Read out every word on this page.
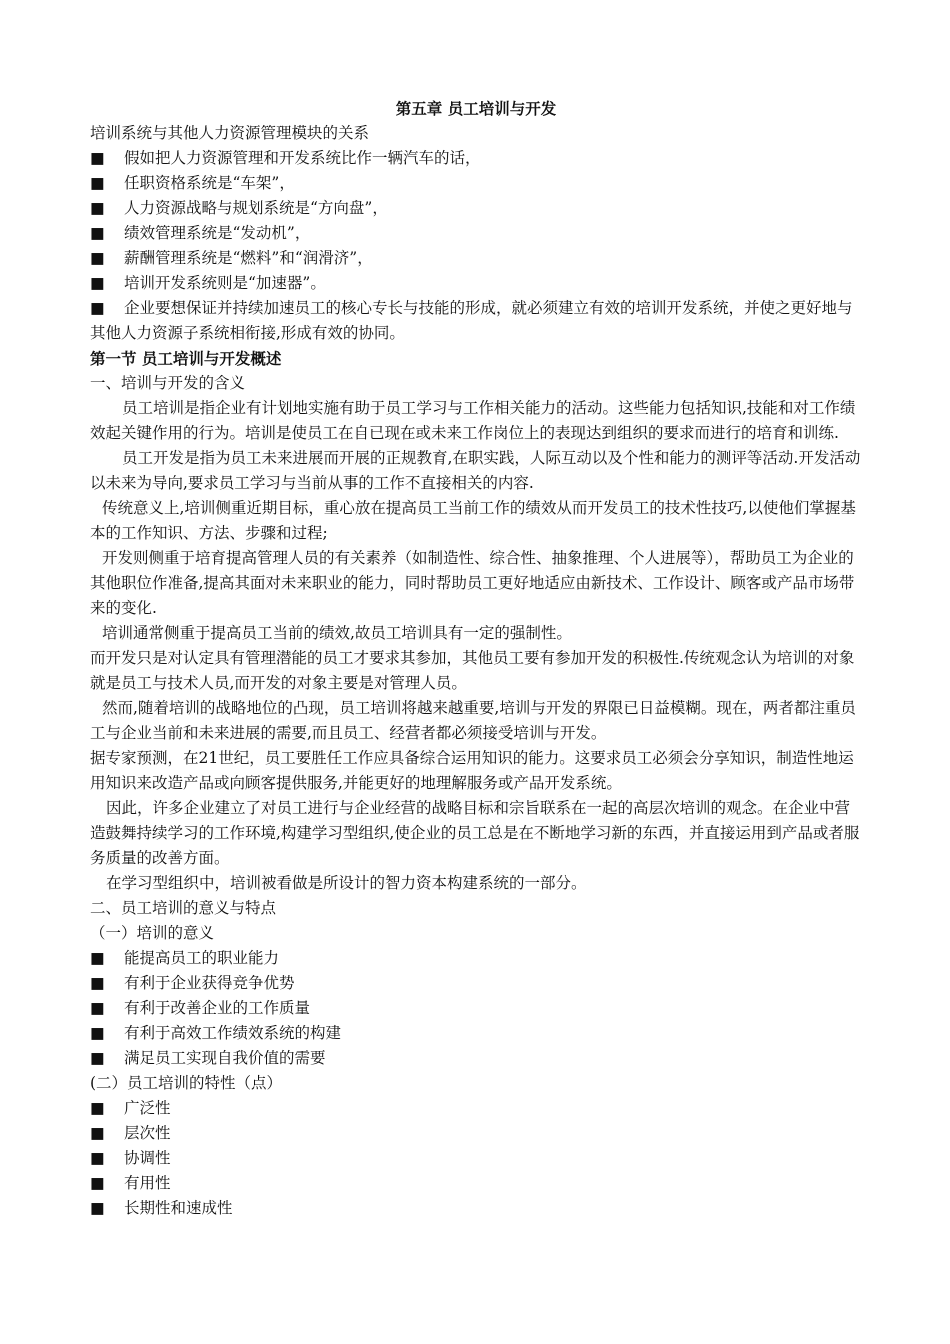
第五章 员工培训与开发

培训系统与其他人力资源管理模块的关系

■	假如把人力资源管理和开发系统比作一辆汽车的话，

■	任职资格系统是“车架”，

■	人力资源战略与规划系统是“方向盘”，

■	绩效管理系统是“发动机”，

■	薪酬管理系统是“燃料”和“润滑济”，

■	培训开发系统则是“加速器”。

■ 企业要想保证并持续加速员工的核心专长与技能的形成，就必须建立有效的培训开发系统，并使之更好地与其他人力资源子系统相衔接,形成有效的协同。

第一节 员工培训与开发概述

一、培训与开发的含义

员工培训是指企业有计划地实施有助于员工学习与工作相关能力的活动。这些能力包括知识,技能和对工作绩效起关键作用的行为。培训是使员工在自已现在或未来工作岗位上的表现达到组织的要求而进行的培育和训练.

员工开发是指为员工未来进展而开展的正规教育,在职实践，人际互动以及个性和能力的测评等活动.开发活动以未来为导向,要求员工学习与当前从事的工作不直接相关的内容.

传统意义上,培训侧重近期目标，重心放在提高员工当前工作的绩效从而开发员工的技术性技巧,以使他们掌握基本的工作知识、方法、步骤和过程;

开发则侧重于培育提高管理人员的有关素养（如制造性、综合性、抽象推理、个人进展等），帮助员工为企业的其他职位作准备,提高其面对未来职业的能力，同时帮助员工更好地适应由新技术、工作设计、顾客或产品市场带来的变化.

培训通常侧重于提高员工当前的绩效,故员工培训具有一定的强制性。

而开发只是对认定具有管理潜能的员工才要求其参加，其他员工要有参加开发的积极性.传统观念认为培训的对象就是员工与技术人员,而开发的对象主要是对管理人员。

然而,随着培训的战略地位的凸现，员工培训将越来越重要,培训与开发的界限已日益模糊。现在，两者都注重员工与企业当前和未来进展的需要,而且员工、经营者都必须接受培训与开发。

据专家预测，在21世纪，员工要胜任工作应具备综合运用知识的能力。这要求员工必须会分享知识，制造性地运用知识来改造产品或向顾客提供服务,并能更好的地理解服务或产品开发系统。

因此，许多企业建立了对员工进行与企业经营的战略目标和宗旨联系在一起的高层次培训的观念。在企业中营造鼓舞持续学习的工作环境,构建学习型组织,使企业的员工总是在不断地学习新的东西，并直接运用到产品或者服务质量的改善方面。

在学习型组织中，培训被看做是所设计的智力资本构建系统的一部分。

二、员工培训的意义与特点

（一）培训的意义

■	能提高员工的职业能力

■	有利于企业获得竞争优势

■	有利于改善企业的工作质量

■	有利于高效工作绩效系统的构建

■	满足员工实现自我价值的需要

(二）员工培训的特性（点）

■	广泛性

■	层次性

■	协调性

■	有用性

■	长期性和速成性
